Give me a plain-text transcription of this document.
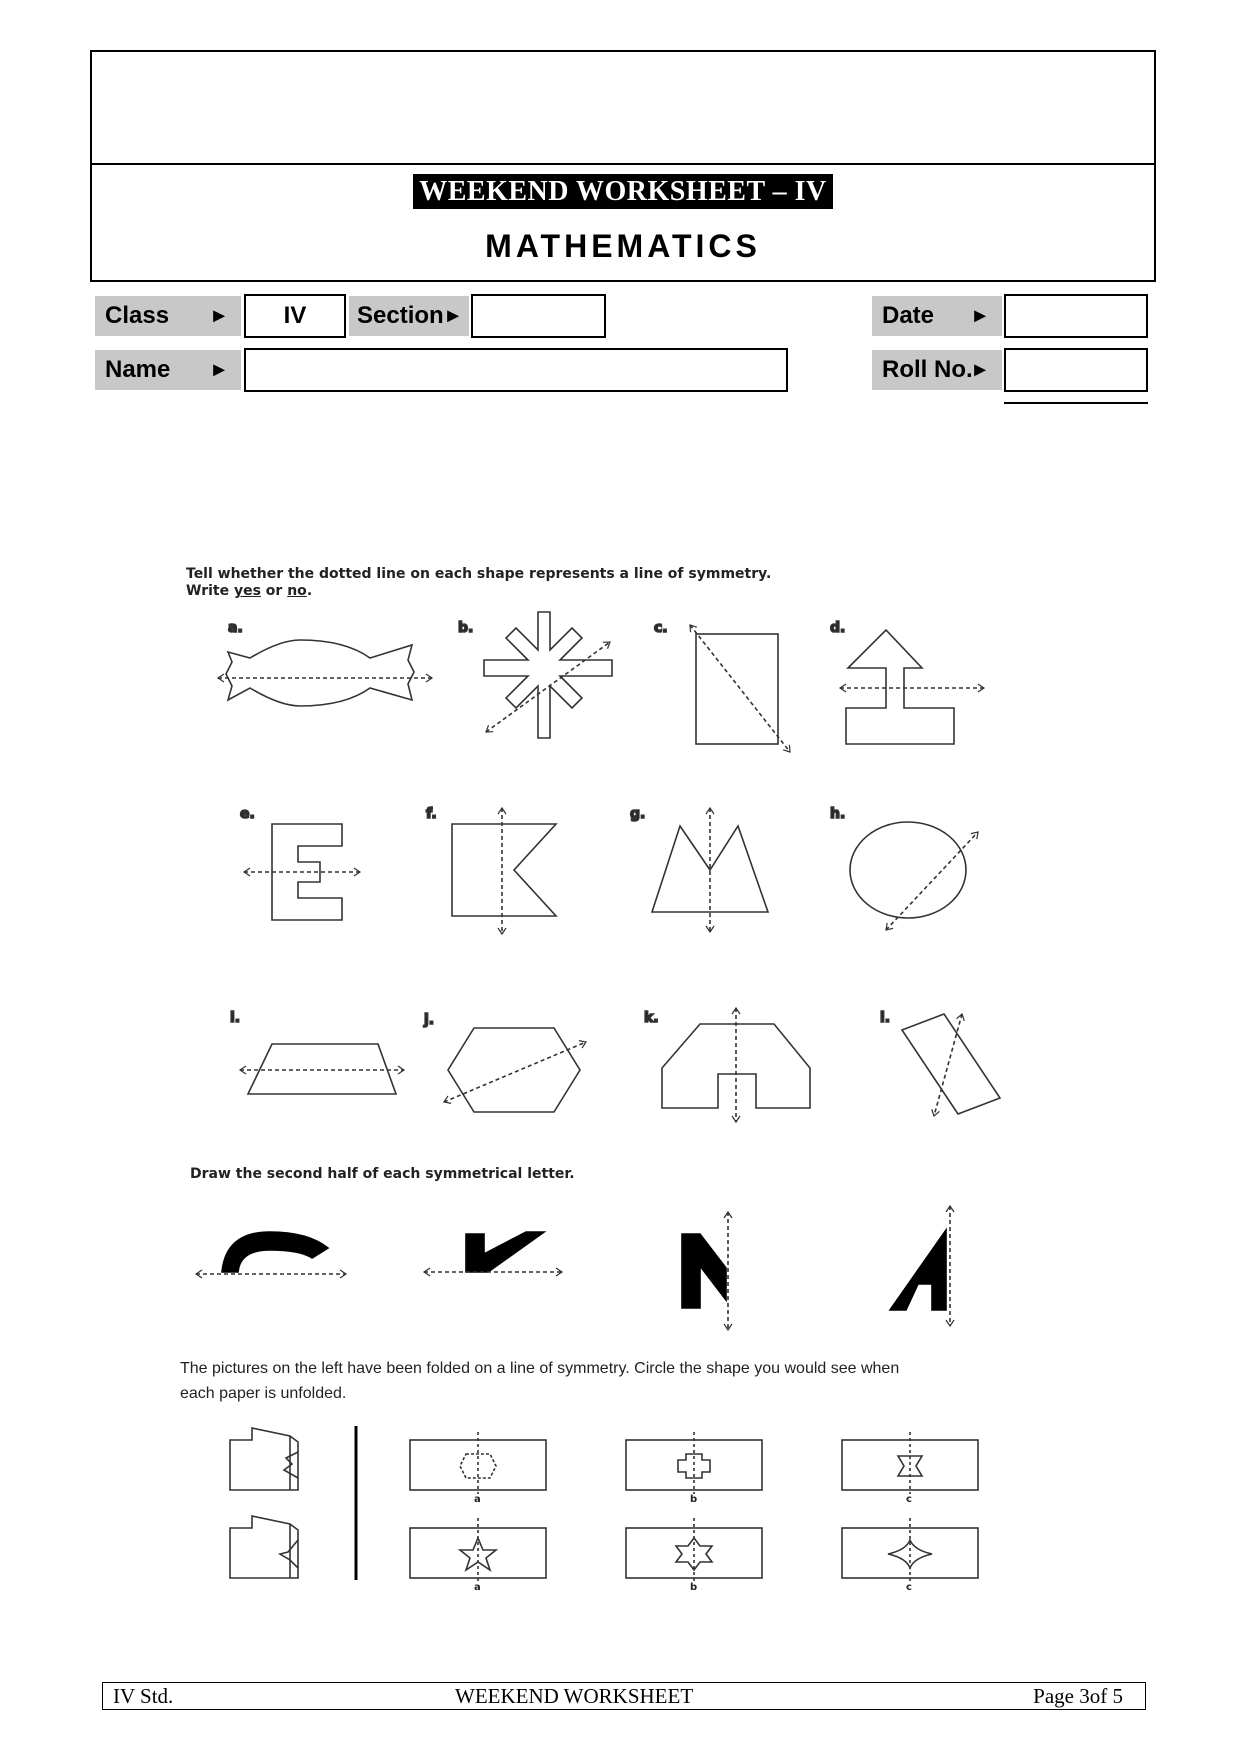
WEEKEND WORKSHEET – IV
MATHEMATICS
Class ►	IV	Section ►	Date ►
Name ►	Roll No.
►
Tell whether the dotted line on each shape represents a line of symmetry.
Write yes or no.
a.	b.	c.	d.
e.	f.	g.	h.
i.	j.	k.	l.
Draw the second half of each symmetrical letter.
The pictures on the left have been folded on a line of symmetry. Circle the shape you would see when
each paper is unfolded.
a	b	c
a	b	c
IV Std.	WEEKEND WORKSHEET	Page 3of 5
